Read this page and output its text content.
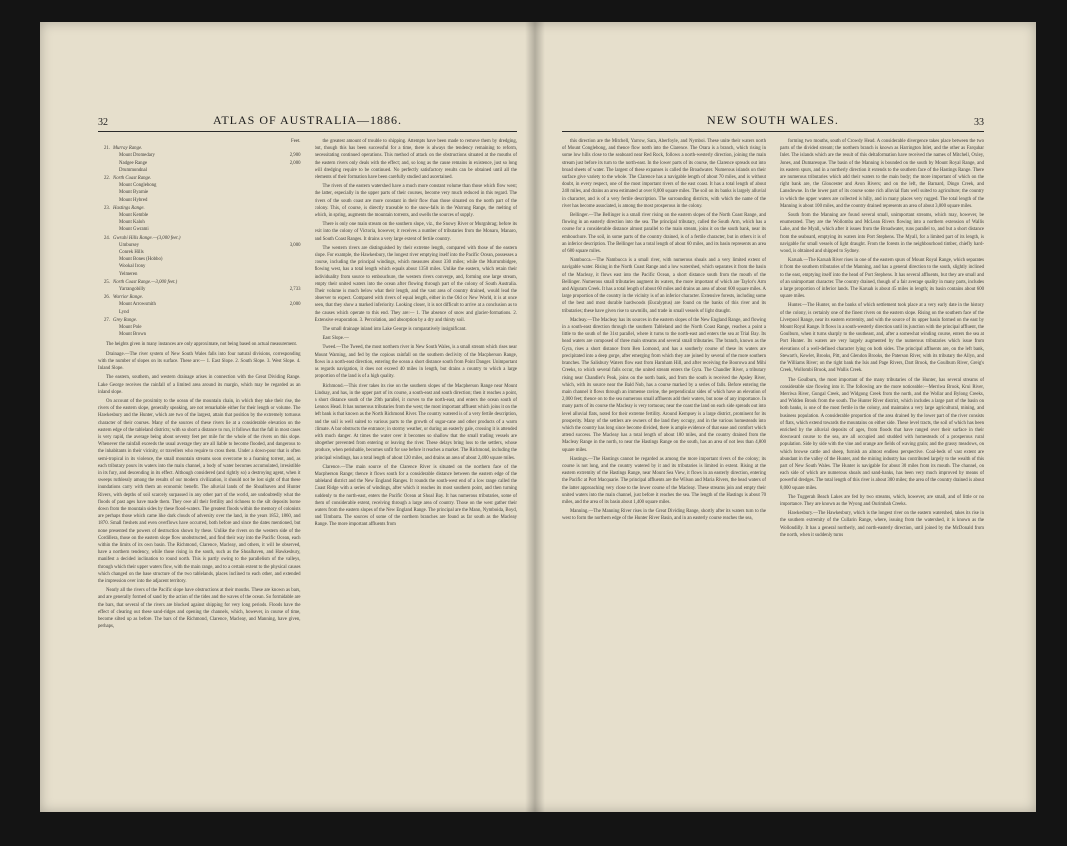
32	ATLAS OF AUSTRALIA—1886.
Feet.
21. Murray Range.
Mount Dromedary	2,900
Nadgee Range	2,000
Drummondnal
22. North Coast Range.
Mount Conglebong
Mount Byarnie
Mount Hybred
23. Hastings Range.
Mount Kemble
Mount Kaloh
Mount Gwrami
24. Gwrabi Hills Range.—(3,000 feet.)
Umbursey	3,000
Conrek Hills
Mount Bones (Hobbo)
Wookal Irony
Yelmeren
25. North Coast Range.—3,000 feet.)
Yarrangobilly	2,733
26. Warrior Range.
Mount Arrowsmith	2,000
Lynd
27. Grey Range.
Mount Pole
Mount Brown

The heights given in many instances are only approximate, not being based on actual measurement.

Drainage.—The river system of New South Wales falls into four natural divisions, corresponding with the number of slopes on its surface. These are:— 1. East Slope. 2. South Slope. 3. West Slope. 4. Inland Slope.

The eastern, southern, and western drainage arises in connection with the Great Dividing Range. Lake George receives the rainfall of a limited area around its margin, which may be regarded as an inland slope.

On account of the proximity to the ocean of the mountain chain, in which they take their rise, the rivers of the eastern slope, generally speaking, are not remarkable either for their length or volume. The Hawkesbury and the Hunter, which are two of the largest, attain that position by the extremely tortuous character of their courses. Many of the sources of these rivers lie at a considerable elevation on the eastern edge of the tableland districts; with so short a distance to run, it follows that the fall in most cases is very rapid, the average being about seventy feet per mile for the whole of the rivers on this slope. Whenever the rainfall exceeds the usual average they are all liable to become flooded, and dangerous to the inhabitants in their vicinity, or travellers who require to cross them. Under a down-pour that is often semi-tropical in its violence, the small mountain streams soon overcome to a foaming torrent, and, as each tributary pours its waters into the main channel, a body of water becomes accumulated, irresistible in its fury, and descending in its effect. Although considered (and rightly so) a destroying agent, when it sweeps ruthlessly among the results of our modern civilization, it should not be lost sight of that these inundations carry with them an economic benefit. The alluvial lands of the Shoalhaven and Hunter Rivers, with depths of soil scarcely surpassed in any other part of the world, are undoubtedly what the floods of past ages have made them. They owe all their fertility and richness to the silt deposits borne down from the mountain sides by these flood-waters. The greatest floods within the memory of colonists are perhaps those which came like dark clouds of adversity over the land, in the years 1852, 1860, and 1870. Small freshets and even overflows have occurred, both before and since the dates mentioned, but none presented the powers of destruction shown by these. Unlike the rivers on the western side of the Cordillera, those on the eastern slope flow unobstructed, and find their way into the Pacific Ocean, each within the limits of its own basin. The Richmond, Clarence, Macleay, and others, it will be observed, have a northern tendency, while those rising in the south, such as the Shoalhaven, and Hawkesbury, manifest a decided inclination to round north. This is partly owing to the parallelism of the valleys, through which their upper waters flow, with the main range, and to a certain extent to the physical causes which changed on the base structure of the two tablelands, places inclined to each other, and extended the impression over into the adjacent territory.

Nearly all the rivers of the Pacific slope have obstructions at their mouths. These are known as bars, and are generally formed of sand by the action of the tides and the waves of the ocean. So formidable are the bars, that several of the rivers are blocked against shipping for very long periods. Floods have the effect of clearing out these sand-ridges and opening the channels, which, however, in course of time, become silted up as before. The bars of the Richmond, Clarence, Macleay, and Manning, have given, perhaps,

the greatest amount of trouble to shipping. Attempts have been made to remove them by dredging, but, though this has been successful for a time, there is always the tendency remaining to reform, necessitating continued operations. This method of attack on the obstructions situated at the mouths of the eastern rivers only deals with the effect; and, so long as the cause remains in existence, just so long will dredging require to be continued. No perfectly satisfactory results can be obtained until all the elements of their formation have been carefully studied and ascertained.

The rivers of the eastern watershed have a much more constant volume than those which flow west; the latter, especially in the upper parts of their courses, become very much reduced in this regard. The rivers of the south coast are more constant in their flow than those situated on the north part of the colony. This, of course, is directly traceable to the snow-falls in the Warrung Range, the melting of which, in spring, augments the mountain torrents, and swells the sources of supply.

There is only one main stream on the southern slope, viz., the Snowy River or Murgnbrag; before its exit into the colony of Victoria, however, it receives a number of tributaries from the Monaro, Manaro, and South Coast Ranges. It drains a very large extent of fertile country.

The western rivers are distinguished by their extreme length, compared with those of the eastern slope. For example, the Hawkesbury, the longest river emptying itself into the Pacific Ocean, possesses a course, including the principal windings, which measures about 330 miles; while the Murrumbidgee, flowing west, has a total length which equals about 1350 miles. Unlike the eastern, which retain their individuality from source to embouchure, the western rivers converge, and, forming one large stream, empty their united waters into the ocean after flowing through part of the colony of South Australia. Their volume is much below what their length, and the vast area of country drained, would lead the observer to expect. Compared with rivers of equal length, either in the Old or New World, it is at once seen, that they show a marked inferiority. Looking closer, it is not difficult to arrive at a conclusion as to the causes which operate to this end. They are:— 1. The absence of snow and glacier-formations. 2. Extensive evaporation. 3. Percolation, and absorption by a dry and thirsty soil.

The small drainage inland into Lake George is comparatively insignificant.

East Slope.—

Tweed.—The Tweed, the most northern river in New South Wales, is a small stream which rises near Mount Warning, and fed by the copious rainfall on the southern declivity of the Macpherson Range, flows in a north-east direction, entering the ocean a short distance south from Point Danger. Unimportant as regards navigation, it does not exceed 40 miles in length, but drains a country to which a large proportion of the land is of a high quality.

Richmond.—This river takes its rise on the southern slopes of the Macpherson Range near Mount Lindsay, and has, in the upper part of its course, a south-east and south direction; then it reaches a point, a short distance south of the 29th parallel, it curves to the north-east, and enters the ocean south of Lennox Head. It has numerous tributaries from the west; the most important affluent which joins it on the left bank is that known as the North Richmond River. The country watered is of a very fertile description, and the soil is well suited to various parts to the growth of sugar-cane and other products of a warm climate. A bar obstructs the entrance; in stormy weather, or during an easterly gale, crossing it is attended with much danger. At times the water over it becomes so shallow that the small trading vessels are altogether prevented from entering or leaving the river. These delays bring loss to the settlers, whose produce, when perishable, becomes unfit for use before it reaches a market. The Richmond, including the principal windings, has a total length of about 120 miles, and drains an area of about 2,400 square miles.

Clarence.—The main source of the Clarence River is situated on the northern face of the Macpherson Range; thence it flows south for a considerable distance between the eastern edge of the tableland district and the New England Ranges. It rounds the south-west end of a low range called the Coast Ridge with a series of windings, after which it reaches its most southern point, and then turning suddenly to the north-east, enters the Pacific Ocean at Shoal Bay. It has numerous tributaries, some of them of considerable extent, receiving through a large area of country. Those on the west gather their waters from the eastern slopes of the New England Range. The principal are the Mann, Nymboida, Boyd, and Timbarra. The sources of some of the northern branches are found as far south as the Macleay Range. The more important affluents from

NEW SOUTH WALES.	33

this direction are the Mitchell, Yarrow, Sara, Aberfoyle, and Nymboi. These unite their waters north of Mount Conglebong, and thence flow north into the Clarence. The Orara is a branch, which rising in some low hills close to the seaboard near Red Rock, follows a north-westerly direction, joining the main stream just before its turn to the north-east. In the lower parts of its course, the Clarence spreads out into broad sheets of water. The largest of these expanses is called the Broadwater. Numerous islands on their surface give variety to the whole. The Clarence has a navigable length of about 70 miles, and is without doubt, in every respect, one of the most important rivers of the east coast. It has a total length of about 240 miles, and drains an area estimated at over 8,000 square miles. The soil on its banks is largely alluvial in character, and is of a very fertile description. The surrounding districts, with which the name of the river has become associated, is among the most prosperous in the colony.

Bellinger.—The Bellinger is a small river rising on the eastern slopes of the North Coast Range, and flowing in an easterly direction into the sea. The principal tributary, called the South Arm, which has a course for a considerable distance almost parallel to the main stream, joins it on the south bank, near its embouchure. The soil, in some parts of the country drained, is of a fertile character, but in others it is of an inferior description. The Bellinger has a total length of about 60 miles, and its basin represents an area of 680 square miles.

Nambucca.—The Nambucca is a small river, with numerous shoals and a very limited extent of navigable water. Rising in the North Coast Range and a low watershed, which separates it from the basin of the Macleay, it flows east into the Pacific Ocean, a short distance south from the mouth of the Bellinger. Numerous small tributaries augment its waters, the more important of which are Taylor's Arm and Alguram Creek. It has a total length of about 60 miles and drains an area of about 600 square miles. A large proportion of the country in the vicinity is of an inferior character. Extensive forests, including some of the best and most durable hardwoods (Eucalyptus) are found on the banks of this river and its tributaries; these have given rise to sawmills, and trade in small vessels of light draught.

Macleay.—The Macleay has its sources in the eastern slopes of the New England Range, and flowing in a south-east direction through the southern Tableland and the North Coast Range, reaches a point a little to the south of the 31st parallel, where it turns to the north-east and enters the sea at Trial Bay. Its head waters are composed of three main streams and several small tributaries. The branch, known as the Gyra, rises a short distance from Ben Lomond, and has a southerly course of these its waters are precipitated into a deep gorge, after emerging from which they are joined by several of the more southern branches. The Salisbury Waters flow east from Harnham Hill, and after receiving the Boorowa and Mihi Creeks, to which several falls occur, the united stream enters the Gyra. The Chandler River, a tributary rising near Chandler's Peak, joins on the north bank, and from the south is received the Apsley River, which, with its source near the Bald Nob, has a course marked by a series of falls. Before entering the main channel it flows through an immense ravine, the perpendicular sides of which have an elevation of 2,000 feet; thence on to the sea numerous small affluents add their waters, but none of any importance. In many parts of its course the Macleay is very tortuous; near the coast the land on each side spreads out into level alluvial flats, noted for their extreme fertility. Around Kempsey is a large district, prominent for its prosperity. Many of the settlers are owners of the land they occupy, and in the various homesteads into which the country has long since become divided, there is ample evidence of that ease and comfort which attend success. The Macleay has a total length of about 180 miles, and the country drained from the Macleay Range in the north, to near the Hastings Range on the south, has an area of not less than 4,800 square miles.

Hastings.—The Hastings cannot be regarded as among the more important rivers of the colony; its course is not long, and the country watered by it and its tributaries is limited in extent. Rising at the eastern extremity of the Hastings Range, near Mount Sea View, it flows in an easterly direction, entering the Pacific at Port Macquarie. The principal affluents are the Wilson and Maria Rivers, the head waters of the latter approaching very close to the lower course of the Macleay. These streams join and empty their united waters into the main channel, just before it reaches the sea. The length of the Hastings is about 70 miles, and the area of its basin about 1,400 square miles.

Manning.—The Manning River rises in the Great Dividing Range, shortly after its waters turn to the west to form the northern edge of the Hunter River Basin, and in an easterly course reaches the sea,

forming two mouths, south of Crowdy Head. A considerable divergence takes place between the two parts of the divided stream; the northern branch is known as Harrington Inlet, and the other as Farquhar Inlet. The islands which are the result of this deltaformation have received the names of Mitchell, Oxley, Jones, and Dumaresque. The basin of the Manning is bounded on the south by Mount Royal Range, and its eastern spurs, and in a northerly direction it extends to the southern face of the Hastings Range. There are numerous tributaries which add their waters to the main body; the more important of which on the right bank are, the Gloucester and Avon Rivers; and on the left, the Barnard, Dingo Creek, and Lansdowne. In the lower part of its course some rich alluvial flats well suited to agriculture; the country in which the upper waters are collected is hilly, and in many places very rugged. The total length of the Manning is about 100 miles, and the country drained represents an area of about 3,000 square miles.

South from the Manning are found several small, unimportant streams, which may, however, be enumerated. They are the Wollomba and McLean Rivers flowing into a northern extension of Wallis Lake, and the Myall, which after it issues from the Broadwater, runs parallel to, and but a short distance from the seaboard, emptying its waters into Port Stephens. The Myall, for a limited part of its length, is navigable for small vessels of light draught. From the forests in the neighbourhood timber, chiefly hard-wood, is obtained and shipped to Sydney.

Karuah.—The Karuah River rises in one of the eastern spurs of Mount Royal Range, which separates it from the southern tributaries of the Manning, and has a general direction to the south, slightly inclined to the east, emptying itself into the head of Port Stephens. It has several affluents, but they are small and of an unimportant character. The country drained, though of a fair average quality in many parts, includes a large proportion of inferior lands. The Karuah is about 45 miles in length; its basin contains about 600 square miles.

Hunter.—The Hunter, on the banks of which settlement took place at a very early date in the history of the colony, is certainly one of the finest rivers on the eastern slope. Rising on the southern face of the Liverpool Range, near its eastern extremity, and with the source of its upper basin formed on the east by Mount Royal Range. It flows in a south-westerly direction until its junction with the principal affluent, the Goulburn, when it turns sharply to the southeast, and, after a somewhat winding course, enters the sea at Port Hunter. Its waters are very largely augmented by the numerous tributaries which issue from elevations of a well-defined character lying on both sides. The principal affluents are, on the left bank, Stewart's, Kewlet, Brooks, Pitt, and Glendon Brooks, the Paterson River, with its tributary the Allyn, and the Williams River; on the right bank the Isis and Page Rivers, Dart Brook, the Goulburn River, Greig's Creek, Wollombi Brook, and Wallis Creek.

The Goulburn, the most important of the many tributaries of the Hunter, has several streams of considerable size flowing into it. The following are the more noticeable:—Merriwa Brook, Krui River, Merriwa River, Gungal Creek, and Widgong Creek from the north, and the Wollar and Bylong Creeks, and Widden Brook from the south. The Hunter River district, which includes a large part of the basin on both banks, is one of the most fertile in the colony, and maintains a very large agricultural, mining, and business population. A considerable proportion of the area drained by the lower part of the river consists of flats, which extend towards the mountains on either side. These level tracts, the soil of which has been enriched by the alluvial deposits of ages, from floods that have ranged over their surface in their downward course to the sea, are all occupied and studded with homesteads of a prosperous rural population. Side by side with the vine and orange are fields of waving grain; and the grassy meadows, on which browse cattle and sheep, furnish an almost endless perspective. Coal-beds of vast extent are abundant in the valley of the Hunter, and the mining industry has contributed largely to the wealth of this part of New South Wales. The Hunter is navigable for about 30 miles from its mouth. The channel, on each side of which are numerous shoals and sand-banks, has been very much improved by means of powerful dredges. The total length of this river is about 300 miles; the area of the country drained is about 8,000 square miles.

The Tuggerah Beach Lakes are fed by two streams, which, however, are small, and of little or no importance. They are known as the Wyong and Ourimbah Creeks.

Hawkesbury.—The Hawkesbury, which is the longest river on the eastern watershed, takes its rise in the southern extremity of the Cullarin Range, where, issuing from the watershed, it is known as the Wollondilly. It has a general northerly, and north-easterly direction, until joined by the McDonald from the north, when it suddenly turns
